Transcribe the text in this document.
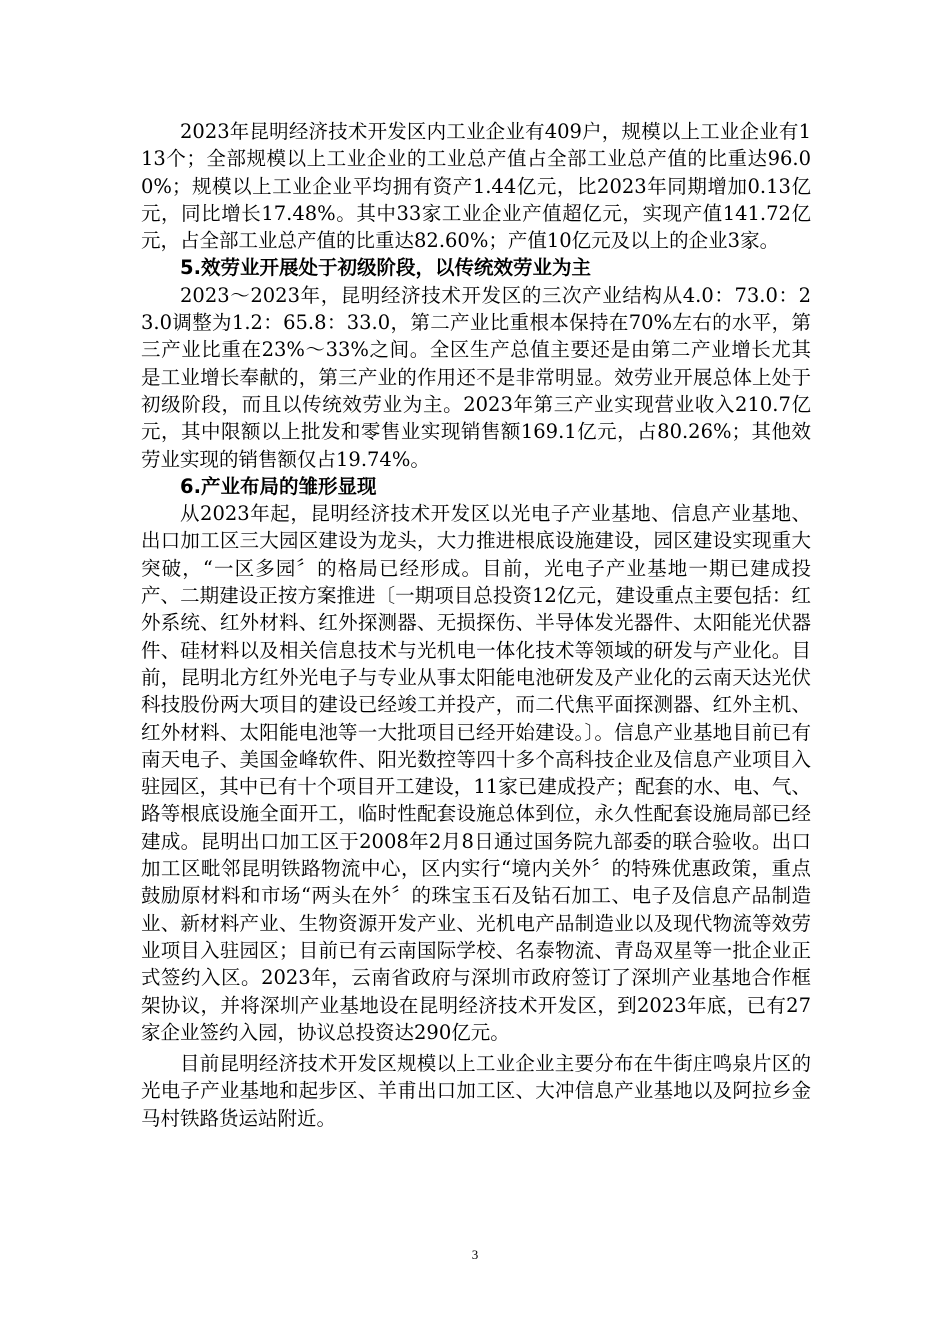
2023年昆明经济技术开发区内工业企业有409户，规模以上工业企业有113个；全部规模以上工业企业的工业总产值占全部工业总产值的比重达96.00%；规模以上工业企业平均拥有资产1.44亿元，比2023年同期增加0.13亿元，同比增长17.48%。其中33家工业企业产值超亿元，实现产值141.72亿元，占全部工业总产值的比重达82.60%；产值10亿元及以上的企业3家。

5.效劳业开展处于初级阶段，以传统效劳业为主

2023～2023年，昆明经济技术开发区的三次产业结构从4.0：73.0：23.0调整为1.2：65.8：33.0，第二产业比重根本保持在70%左右的水平，第三产业比重在23%～33%之间。全区生产总值主要还是由第二产业增长尤其是工业增长奉献的，第三产业的作用还不是非常明显。效劳业开展总体上处于初级阶段，而且以传统效劳业为主。2023年第三产业实现营业收入210.7亿元，其中限额以上批发和零售业实现销售额169.1亿元，占80.26%；其他效劳业实现的销售额仅占19.74%。

6.产业布局的雏形显现

从2023年起，昆明经济技术开发区以光电子产业基地、信息产业基地、出口加工区三大园区建设为龙头，大力推进根底设施建设，园区建设实现重大突破，“一区多园〞的格局已经形成。目前，光电子产业基地一期已建成投产、二期建设正按方案推进〔一期项目总投资12亿元，建设重点主要包括：红外系统、红外材料、红外探测器、无损探伤、半导体发光器件、太阳能光伏器件、硅材料以及相关信息技术与光机电一体化技术等领域的研发与产业化。目前，昆明北方红外光电子与专业从事太阳能电池研发及产业化的云南天达光伏科技股份两大项目的建设已经竣工并投产，而二代焦平面探测器、红外主机、红外材料、太阳能电池等一大批项目已经开始建设。〕。信息产业基地目前已有南天电子、美国金峰软件、阳光数控等四十多个高科技企业及信息产业项目入驻园区，其中已有十个项目开工建设，11家已建成投产；配套的水、电、气、路等根底设施全面开工，临时性配套设施总体到位，永久性配套设施局部已经建成。昆明出口加工区于2008年2月8日通过国务院九部委的联合验收。出口加工区毗邻昆明铁路物流中心，区内实行“境内关外〞的特殊优惠政策，重点鼓励原材料和市场“两头在外〞的珠宝玉石及钻石加工、电子及信息产品制造业、新材料产业、生物资源开发产业、光机电产品制造业以及现代物流等效劳业项目入驻园区；目前已有云南国际学校、名泰物流、青岛双星等一批企业正式签约入区。2023年，云南省政府与深圳市政府签订了深圳产业基地合作框架协议，并将深圳产业基地设在昆明经济技术开发区，到2023年底，已有27家企业签约入园，协议总投资达290亿元。

目前昆明经济技术开发区规模以上工业企业主要分布在牛街庄鸣泉片区的光电子产业基地和起步区、羊甫出口加工区、大冲信息产业基地以及阿拉乡金马村铁路货运站附近。

3
